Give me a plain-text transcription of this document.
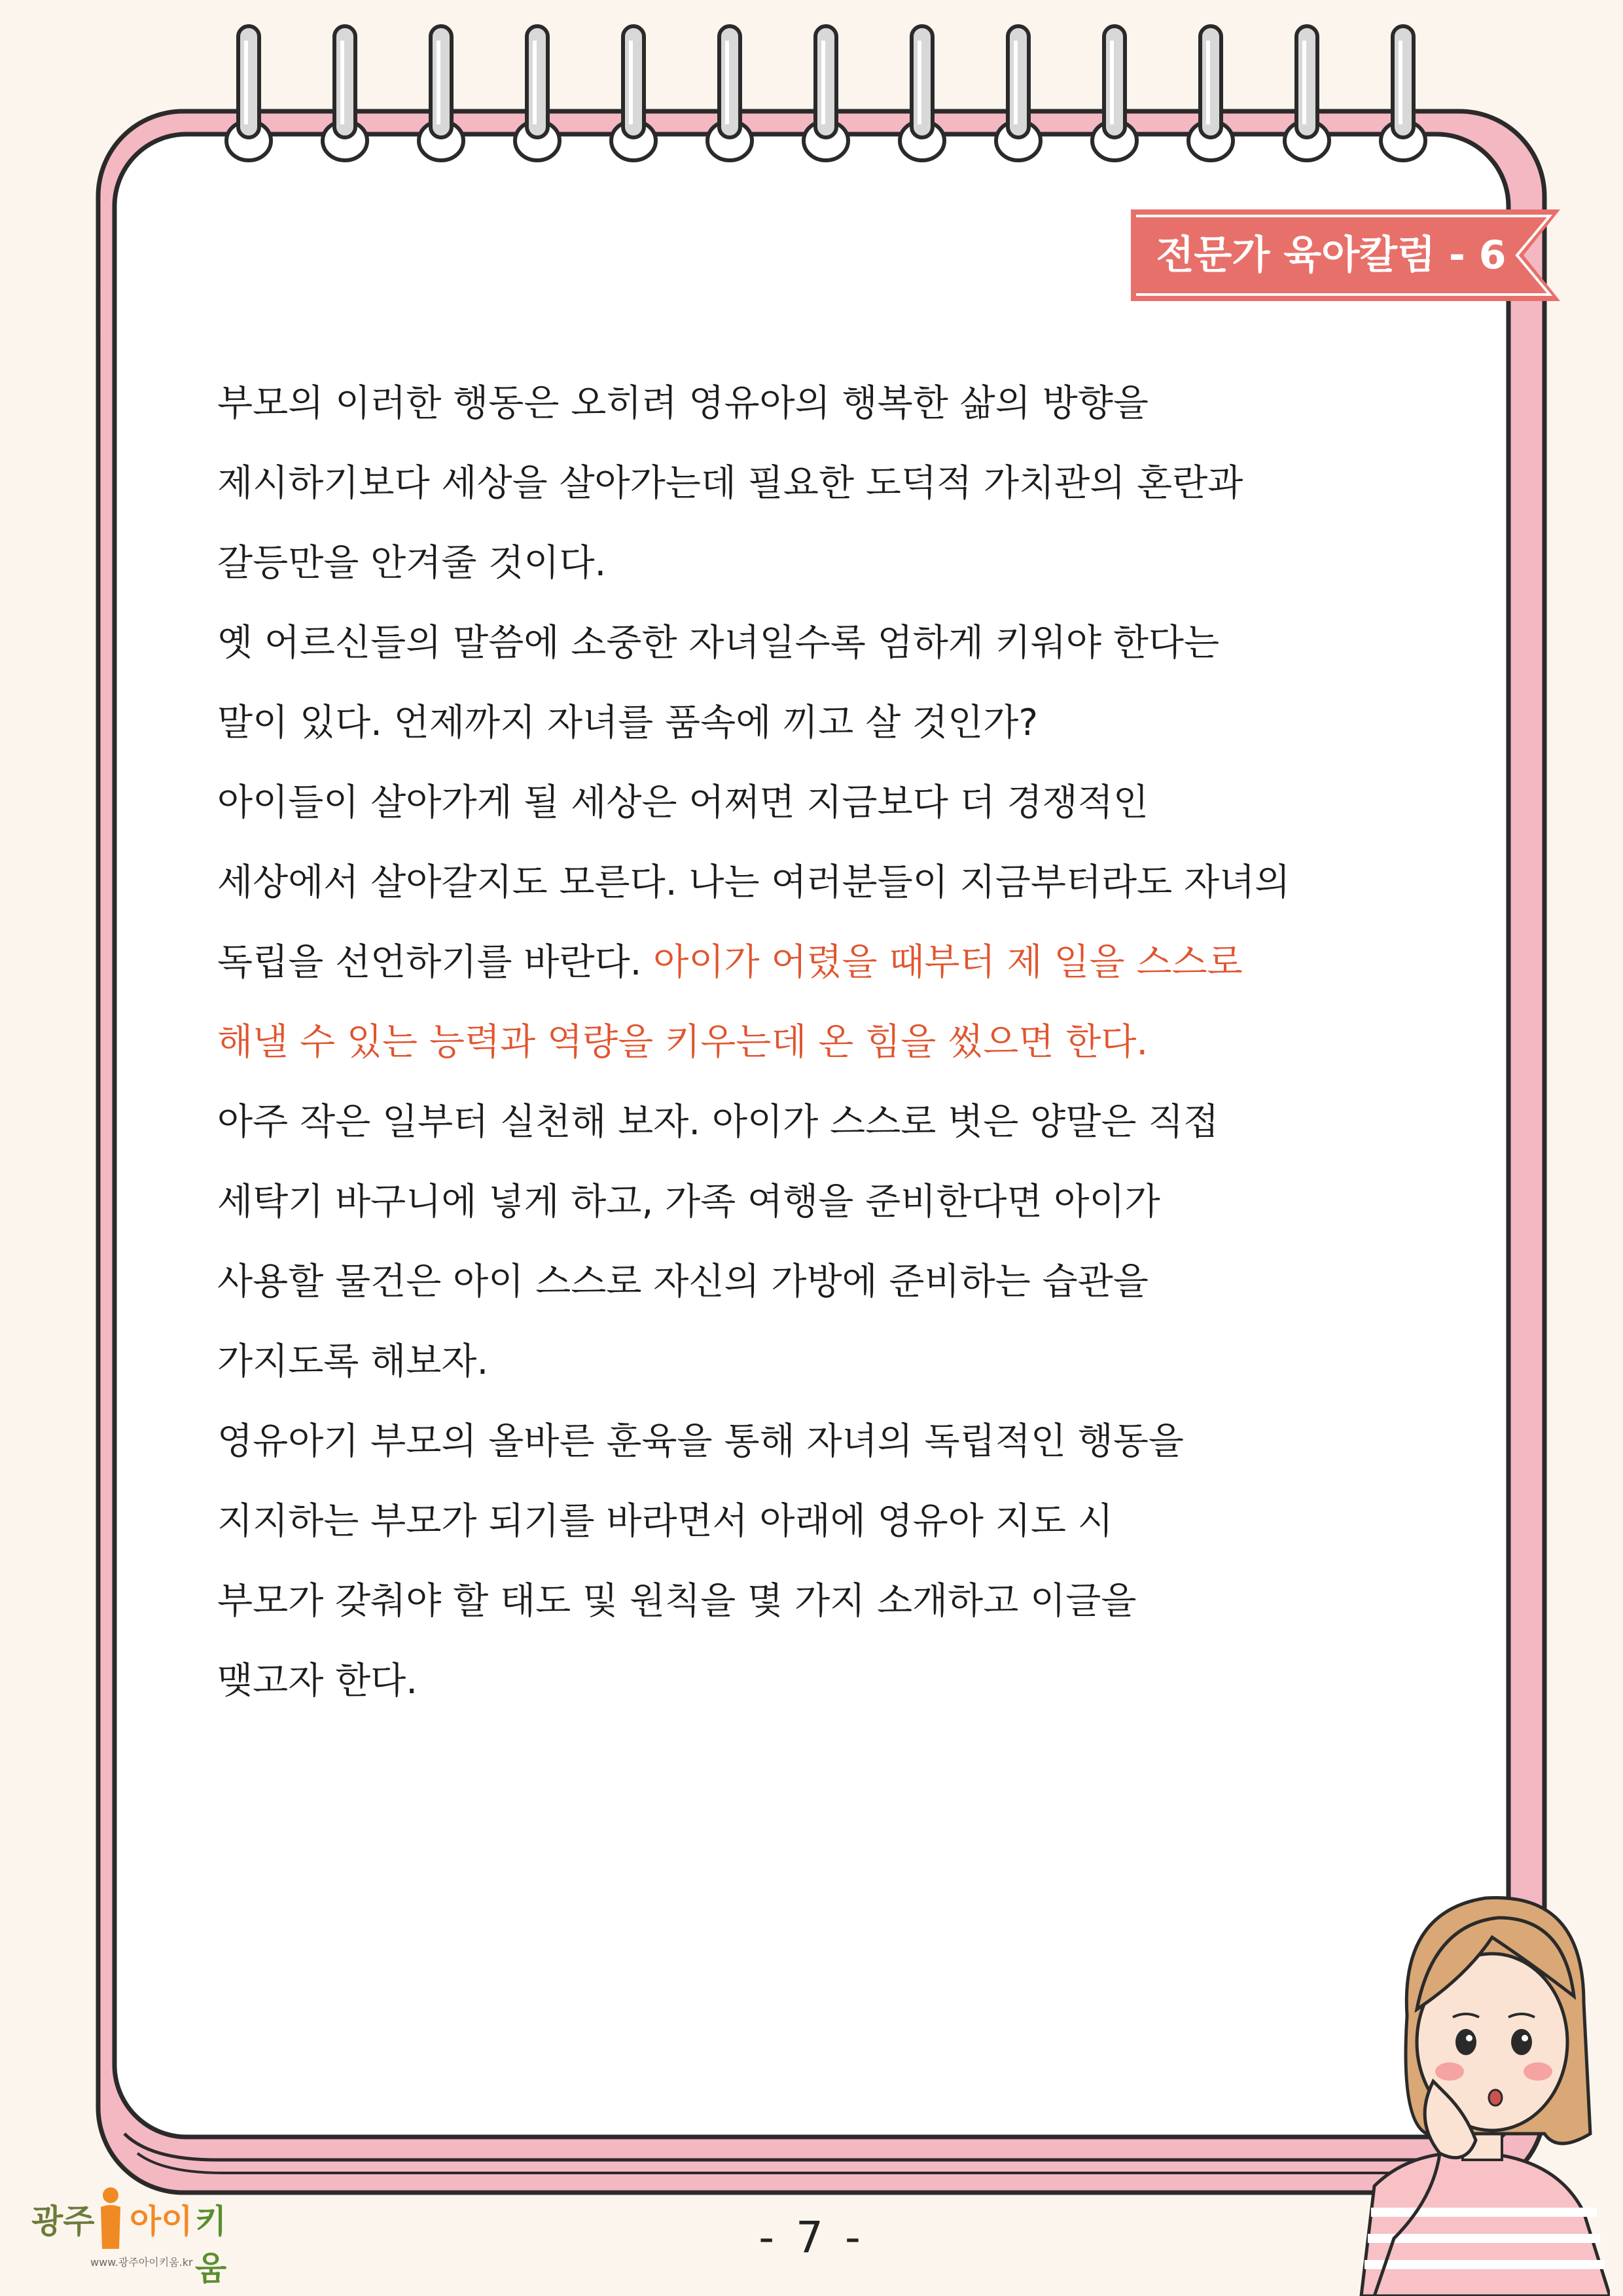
전문가 육아칼럼 - 6화
부모의 이러한 행동은 오히려 영유아의 행복한 삶의 방향을
제시하기보다 세상을 살아가는데 필요한 도덕적 가치관의 혼란과
갈등만을 안겨줄 것이다.
옛 어르신들의 말씀에 소중한 자녀일수록 엄하게 키워야 한다는
말이 있다. 언제까지 자녀를 품속에 끼고 살 것인가?
아이들이 살아가게 될 세상은 어쩌면 지금보다 더 경쟁적인
세상에서 살아갈지도 모른다. 나는 여러분들이 지금부터라도 자녀의
독립을 선언하기를 바란다. 아이가 어렸을 때부터 제 일을 스스로
해낼 수 있는 능력과 역량을 키우는데 온 힘을 썼으면 한다.
아주 작은 일부터 실천해 보자. 아이가 스스로 벗은 양말은 직접
세탁기 바구니에 넣게 하고, 가족 여행을 준비한다면 아이가
사용할 물건은 아이 스스로 자신의 가방에 준비하는 습관을
가지도록 해보자.
영유아기 부모의 올바른 훈육을 통해 자녀의 독립적인 행동을
지지하는 부모가 되기를 바라면서 아래에 영유아 지도 시
부모가 갖춰야 할 태도 및 원칙을 몇 가지 소개하고 이글을
맺고자 한다.
광주 아이 키움
www.광주아이키움.kr	- 7 -
